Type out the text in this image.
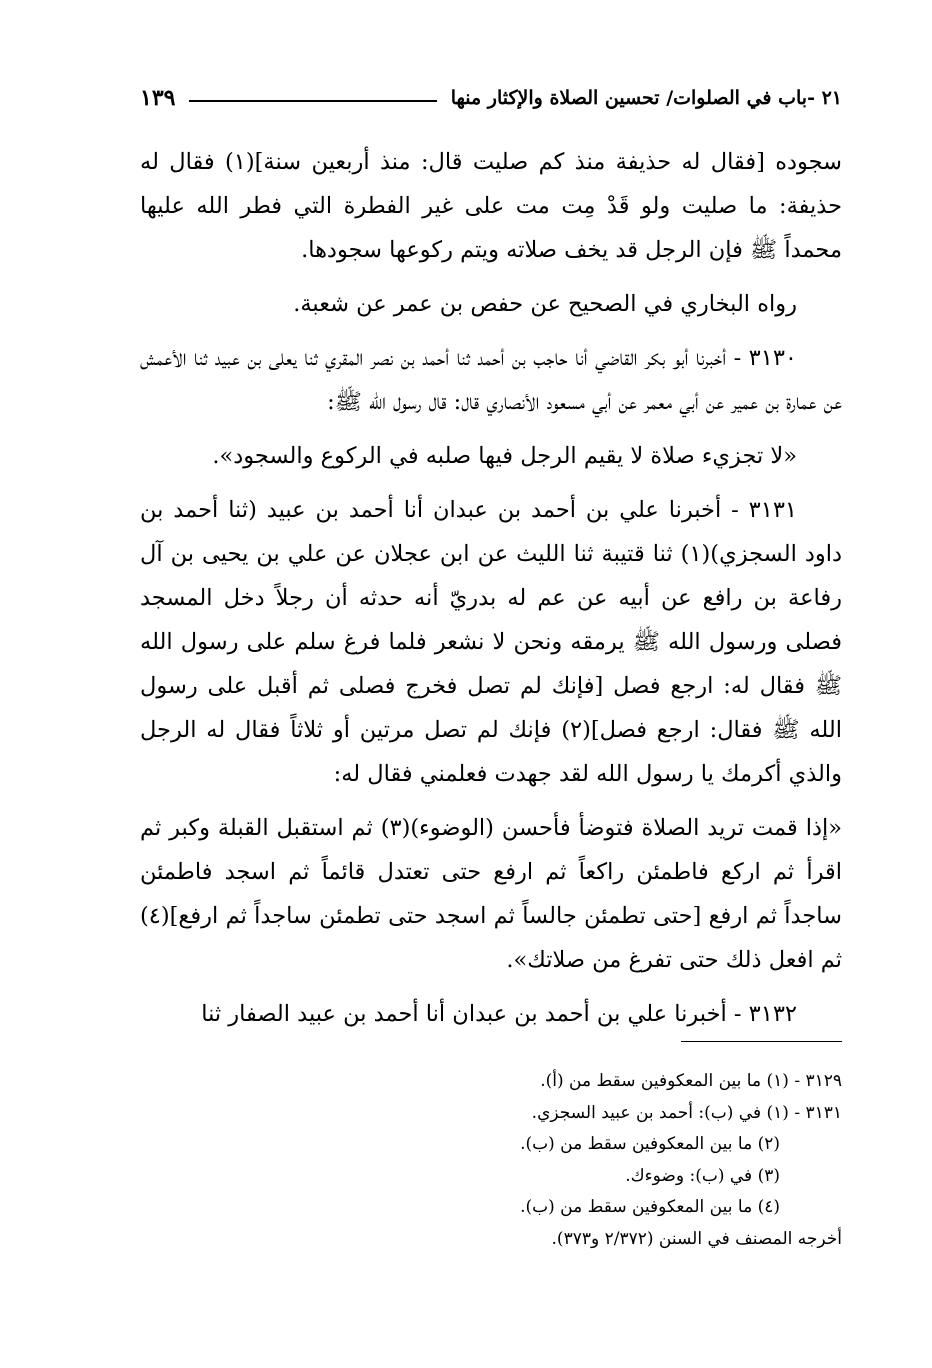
٢١ -باب في الصلوات/ تحسين الصلاة والإكثار منها
١٣٩

سجوده [فقال له حذيفة منذ كم صليت قال: منذ أربعين سنة](١) فقال له حذيفة: ما صليت ولو قَدْ مِت مت على غير الفطرة التي فطر الله عليها محمداً ﷺ فإن الرجل قد يخف صلاته ويتم ركوعها سجودها.

رواه البخاري في الصحيح عن حفص بن عمر عن شعبة.

٣١٣٠ - أخبرنا أبو بكر القاضي أنا حاجب بن أحمد ثنا أحمد بن نصر المقري ثنا يعلى بن عبيد ثنا الأعمش عن عمارة بن عمير عن أبي معمر عن أبي مسعود الأنصاري قال: قال رسول الله ﷺ:

«لا تجزيء صلاة لا يقيم الرجل فيها صلبه في الركوع والسجود».

٣١٣١ - أخبرنا علي بن أحمد بن عبدان أنا أحمد بن عبيد (ثنا أحمد بن داود السجزي)(١) ثنا قتيبة ثنا الليث عن ابن عجلان عن علي بن يحيى بن آل رفاعة بن رافع عن أبيه عن عم له بدريّ أنه حدثه أن رجلاً دخل المسجد فصلى ورسول الله ﷺ يرمقه ونحن لا نشعر فلما فرغ سلم على رسول الله ﷺ فقال له: ارجع فصل [فإنك لم تصل فخرج فصلى ثم أقبل على رسول الله ﷺ فقال: ارجع فصل](٢) فإنك لم تصل مرتين أو ثلاثاً فقال له الرجل والذي أكرمك يا رسول الله لقد جهدت فعلمني فقال له:

«إذا قمت تريد الصلاة فتوضأ فأحسن (الوضوء)(٣) ثم استقبل القبلة وكبر ثم اقرأ ثم اركع فاطمئن راكعاً ثم ارفع حتى تعتدل قائماً ثم اسجد فاطمئن ساجداً ثم ارفع [حتى تطمئن جالساً ثم اسجد حتى تطمئن ساجداً ثم ارفع](٤) ثم افعل ذلك حتى تفرغ من صلاتك».

٣١٣٢ - أخبرنا علي بن أحمد بن عبدان أنا أحمد بن عبيد الصفار ثنا

٣١٢٩ - (١) ما بين المعكوفين سقط من (أ).
٣١٣١ - (١) في (ب): أحمد بن عبيد السجزي.
(٢) ما بين المعكوفين سقط من (ب).
(٣) في (ب): وضوءك.
(٤) ما بين المعكوفين سقط من (ب).
أخرجه المصنف في السنن (٢/٣٧٢ و٣٧٣).
